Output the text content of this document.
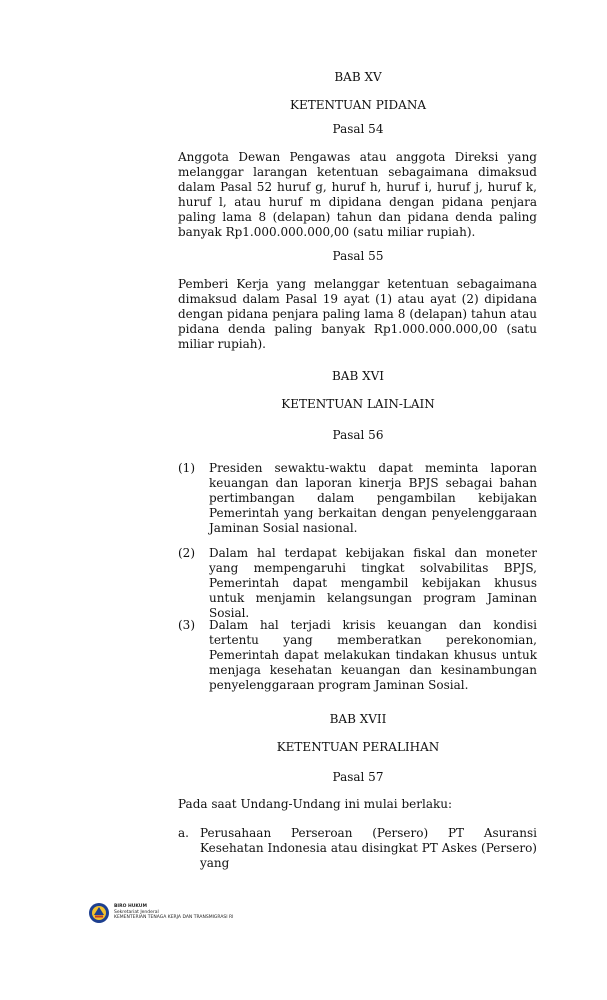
BAB XV
KETENTUAN PIDANA
Pasal 54

Anggota Dewan Pengawas atau anggota Direksi yang melanggar larangan ketentuan sebagaimana dimaksud dalam Pasal 52 huruf g, huruf h, huruf i, huruf j, huruf k, huruf l, atau huruf m dipidana dengan pidana penjara paling lama 8 (delapan) tahun dan pidana denda paling banyak Rp1.000.000.000,00 (satu miliar rupiah).

Pasal 55

Pemberi Kerja yang melanggar ketentuan sebagaimana dimaksud dalam Pasal 19 ayat (1) atau ayat (2) dipidana dengan pidana penjara paling lama 8 (delapan) tahun atau pidana denda paling banyak Rp1.000.000.000,00 (satu miliar rupiah).

BAB XVI
KETENTUAN LAIN-LAIN
Pasal 56
(1)	Presiden sewaktu-waktu dapat meminta laporan keuangan dan laporan kinerja BPJS sebagai bahan pertimbangan dalam pengambilan kebijakan Pemerintah yang berkaitan dengan penyelenggaraan Jaminan Sosial nasional.
(2)	Dalam hal terdapat kebijakan fiskal dan moneter yang mempengaruhi tingkat solvabilitas BPJS, Pemerintah dapat mengambil kebijakan khusus untuk menjamin kelangsungan program Jaminan Sosial.
(3)	Dalam hal terjadi krisis keuangan dan kondisi tertentu yang memberatkan perekonomian, Pemerintah dapat melakukan tindakan khusus untuk menjaga kesehatan keuangan dan kesinambungan penyelenggaraan program Jaminan Sosial.
BAB XVII
KETENTUAN PERALIHAN
Pasal 57

Pada saat Undang-Undang ini mulai berlaku:

a. Perusahaan Perseroan (Persero) PT Asuransi Kesehatan Indonesia atau disingkat PT Askes (Persero) yang
BIRO HUKUM
Sekretariat Jenderal
KEMENTERIAN TENAGA KERJA DAN TRANSMIGRASI RI
